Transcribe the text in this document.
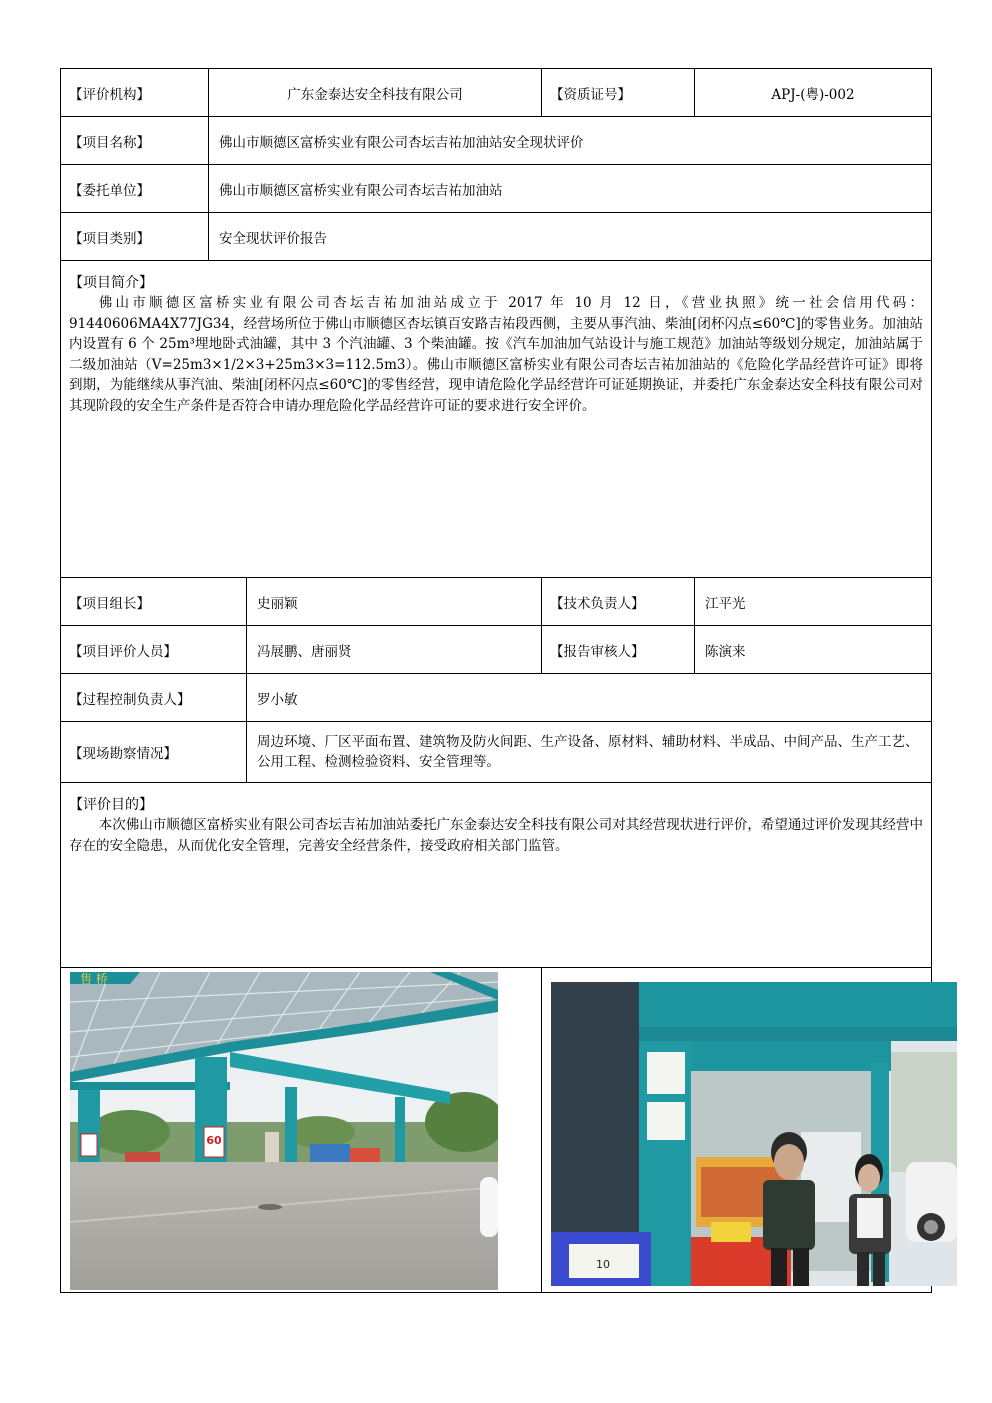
【评价机构】	广东金泰达安全科技有限公司		【资质证号】	APJ-(粤)-002
【项目名称】	佛山市顺德区富桥实业有限公司杏坛吉祐加油站安全现状评价			
【委托单位】	佛山市顺德区富桥实业有限公司杏坛吉祐加油站			
【项目类别】	安全现状评价报告			

【项目简介】

佛山市顺德区富桥实业有限公司杏坛吉祐加油站成立于 2017 年 10 月 12 日，《营业执照》统一社会信用代码：91440606MA4X77JG34，经营场所位于佛山市顺德区杏坛镇百安路吉祐段西侧，主要从事汽油、柴油[闭杯闪点≤60℃]的零售业务。加油站内设置有 6 个 25m³埋地卧式油罐，其中 3 个汽油罐、3 个柴油罐。按《汽车加油加气站设计与施工规范》加油站等级划分规定，加油站属于二级加油站（V=25m3×1/2×3+25m3×3=112.5m3）。佛山市顺德区富桥实业有限公司杏坛吉祐加油站的《危险化学品经营许可证》即将到期，为能继续从事汽油、柴油[闭杯闪点≤60℃]的零售经营，现申请危险化学品经营许可证延期换证，并委托广东金泰达安全科技有限公司对其现阶段的安全生产条件是否符合申请办理危险化学品经营许可证的要求进行安全评价。				

【项目组长】		史丽颖	【技术负责人】	江平光
【项目评价人员】		冯展鹏、唐丽贤	【报告审核人】	陈演来
【过程控制负责人】		罗小敏		
【现场勘察情况】		周边环境、厂区平面布置、建筑物及防火间距、生产设备、原材料、辅助材料、半成品、中间产品、生产工艺、公用工程、检测检验资料、安全管理等。		

【评价目的】

本次佛山市顺德区富桥实业有限公司杏坛吉祐加油站委托广东金泰达安全科技有限公司对其经营现状进行评价，希望通过评价发现其经营中存在的安全隐患，从而优化安全管理，完善安全经营条件，接受政府相关部门监管。				

售 桥
60			10	
